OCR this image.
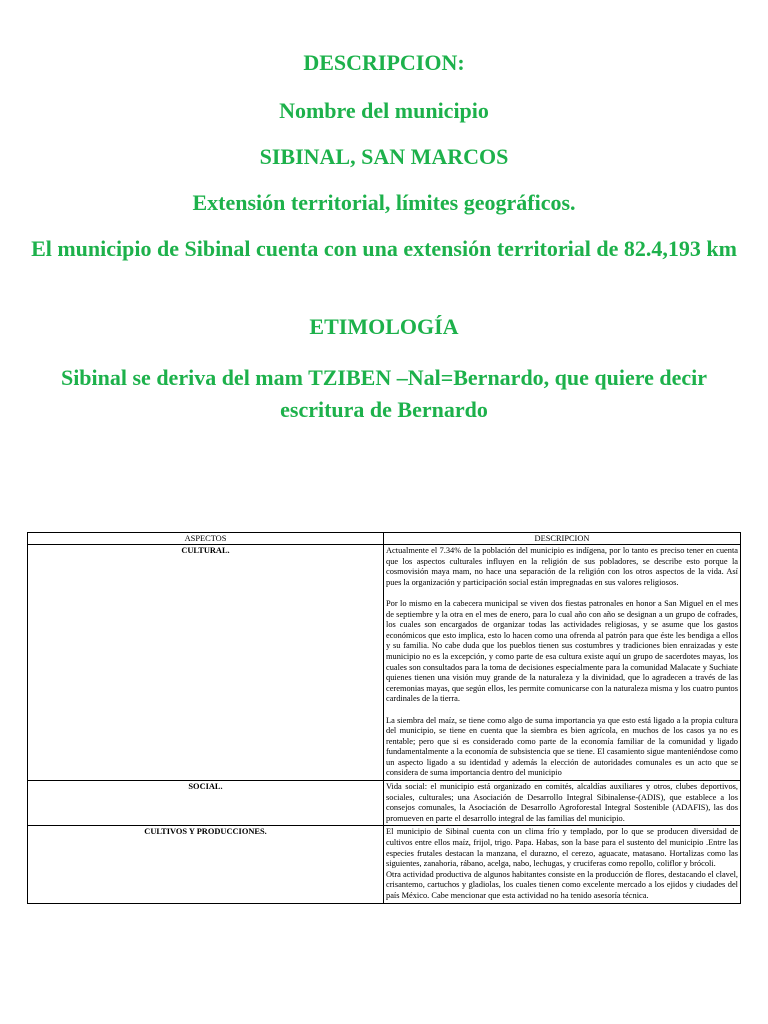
DESCRIPCION:
Nombre del municipio
SIBINAL, SAN MARCOS
Extensión territorial, límites geográficos.
El municipio de Sibinal cuenta con una extensión territorial de 82.4,193 km
ETIMOLOGÍA
Sibinal se deriva del mam TZIBEN –Nal=Bernardo, que quiere decir escritura de Bernardo
ASPECTOS	DESCRIPCION
CULTURAL.	Actualmente el 7.34% de la población del municipio es indígena, por lo tanto es preciso tener en cuenta que los aspectos culturales influyen en la religión de sus pobladores, se describe esto porque la cosmovisión maya mam, no hace una separación de la religión con los otros aspectos de la vida. Así pues la organización y participación social están impregnadas en sus valores religiosos.

Por lo mismo en la cabecera municipal se viven dos fiestas patronales en honor a San Miguel en el mes de septiembre y la otra en el mes de enero, para lo cual año con año se designan a un grupo de cofrades, los cuales son encargados de organizar todas las actividades religiosas, y se asume que los gastos económicos que esto implica, esto lo hacen como una ofrenda al patrón para que éste les bendiga a ellos y su familia. No cabe duda que los pueblos tienen sus costumbres y tradiciones bien enraizadas y este municipio no es la excepción, y como parte de esa cultura existe aquí un grupo de sacerdotes mayas, los cuales son consultados para la toma de decisiones especialmente para la comunidad Malacate y Suchiate quienes tienen una visión muy grande de la naturaleza y la divinidad, que lo agradecen a través de las ceremonias mayas, que según ellos, les permite comunicarse con la naturaleza misma y los cuatro puntos cardinales de la tierra.

La siembra del maíz, se tiene como algo de suma importancia ya que esto está ligado a la propia cultura del municipio, se tiene en cuenta que la siembra es bien agrícola, en muchos de los casos ya no es rentable; pero que si es considerado como parte de la economía familiar de la comunidad y ligado fundamentalmente a la economía de subsistencia que se tiene. El casamiento sigue manteniéndose como un aspecto ligado a su identidad y además la elección de autoridades comunales es un acto que se considera de suma importancia dentro del municipio

SOCIAL.	Vida social: el municipio está organizado en comités, alcaldías auxiliares y otros, clubes deportivos, sociales, culturales; una Asociación de Desarrollo Integral Sibinalense-(ADIS), que establece a los consejos comunales, la Asociación de Desarrollo Agroforestal Integral Sostenible (ADAFIS), las dos promueven en parte el desarrollo integral de las familias del municipio.

CULTIVOS Y PRODUCCIONES.	El municipio de Sibinal cuenta con un clima frío y templado, por lo que se producen diversidad de cultivos entre ellos maíz, frijol, trigo. Papa. Habas, son la base para el sustento del municipio .Entre las especies frutales destacan la manzana, el durazno, el cerezo, aguacate, matasano. Hortalizas como las siguientes, zanahoria, rábano, acelga, nabo, lechugas, y cruciferas como repollo, coliflor y brócoli.
Otra actividad productiva de algunos habitantes consiste en la producción de flores, destacando el clavel, crisantemo, cartuchos y gladiolas, los cuales tienen como excelente mercado a los ejidos y ciudades del país México. Cabe mencionar que esta actividad no ha tenido asesoría técnica.
